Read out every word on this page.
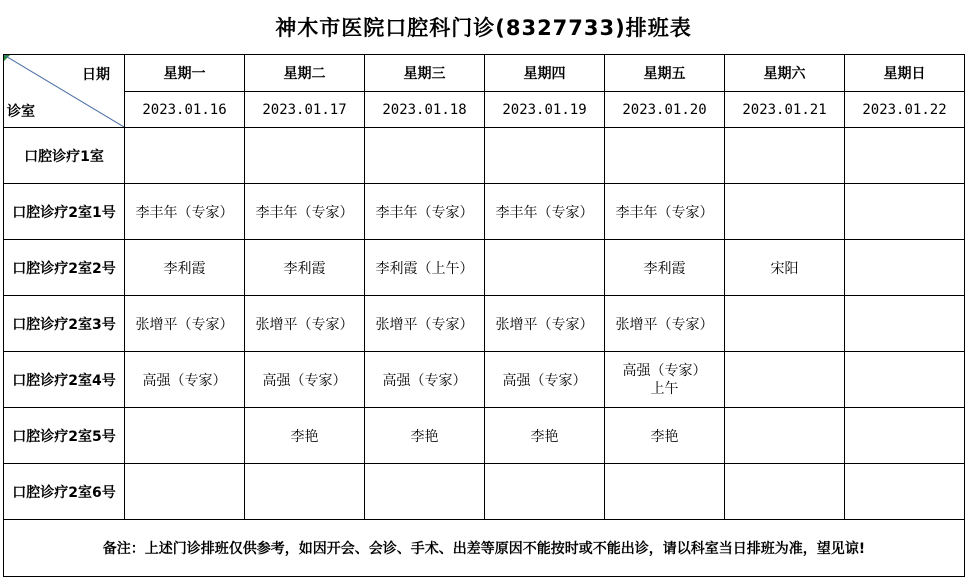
神木市医院口腔科门诊(8327733)排班表
日期
诊室	星期一	星期二	星期三	星期四	星期五	星期六	星期日
	2023.01.16	2023.01.17	2023.01.18	2023.01.19	2023.01.20	2023.01.21	2023.01.22
口腔诊疗1室							
口腔诊疗2室1号	李丰年（专家）	李丰年（专家）	李丰年（专家）	李丰年（专家）	李丰年（专家）		
口腔诊疗2室2号	李利霞	李利霞	李利霞（上午）		李利霞	宋阳	
口腔诊疗2室3号	张增平（专家）	张增平（专家）	张增平（专家）	张增平（专家）	张增平（专家）		
口腔诊疗2室4号	高强（专家）	高强（专家）	高强（专家）	高强（专家）	高强（专家）
上午		

口腔诊疗2室5号		李艳	李艳	李艳	李艳		
口腔诊疗2室6号							
备注：上述门诊排班仅供参考，如因开会、会诊、手术、出差等原因不能按时或不能出诊，请以科室当日排班为准，望见谅!							
